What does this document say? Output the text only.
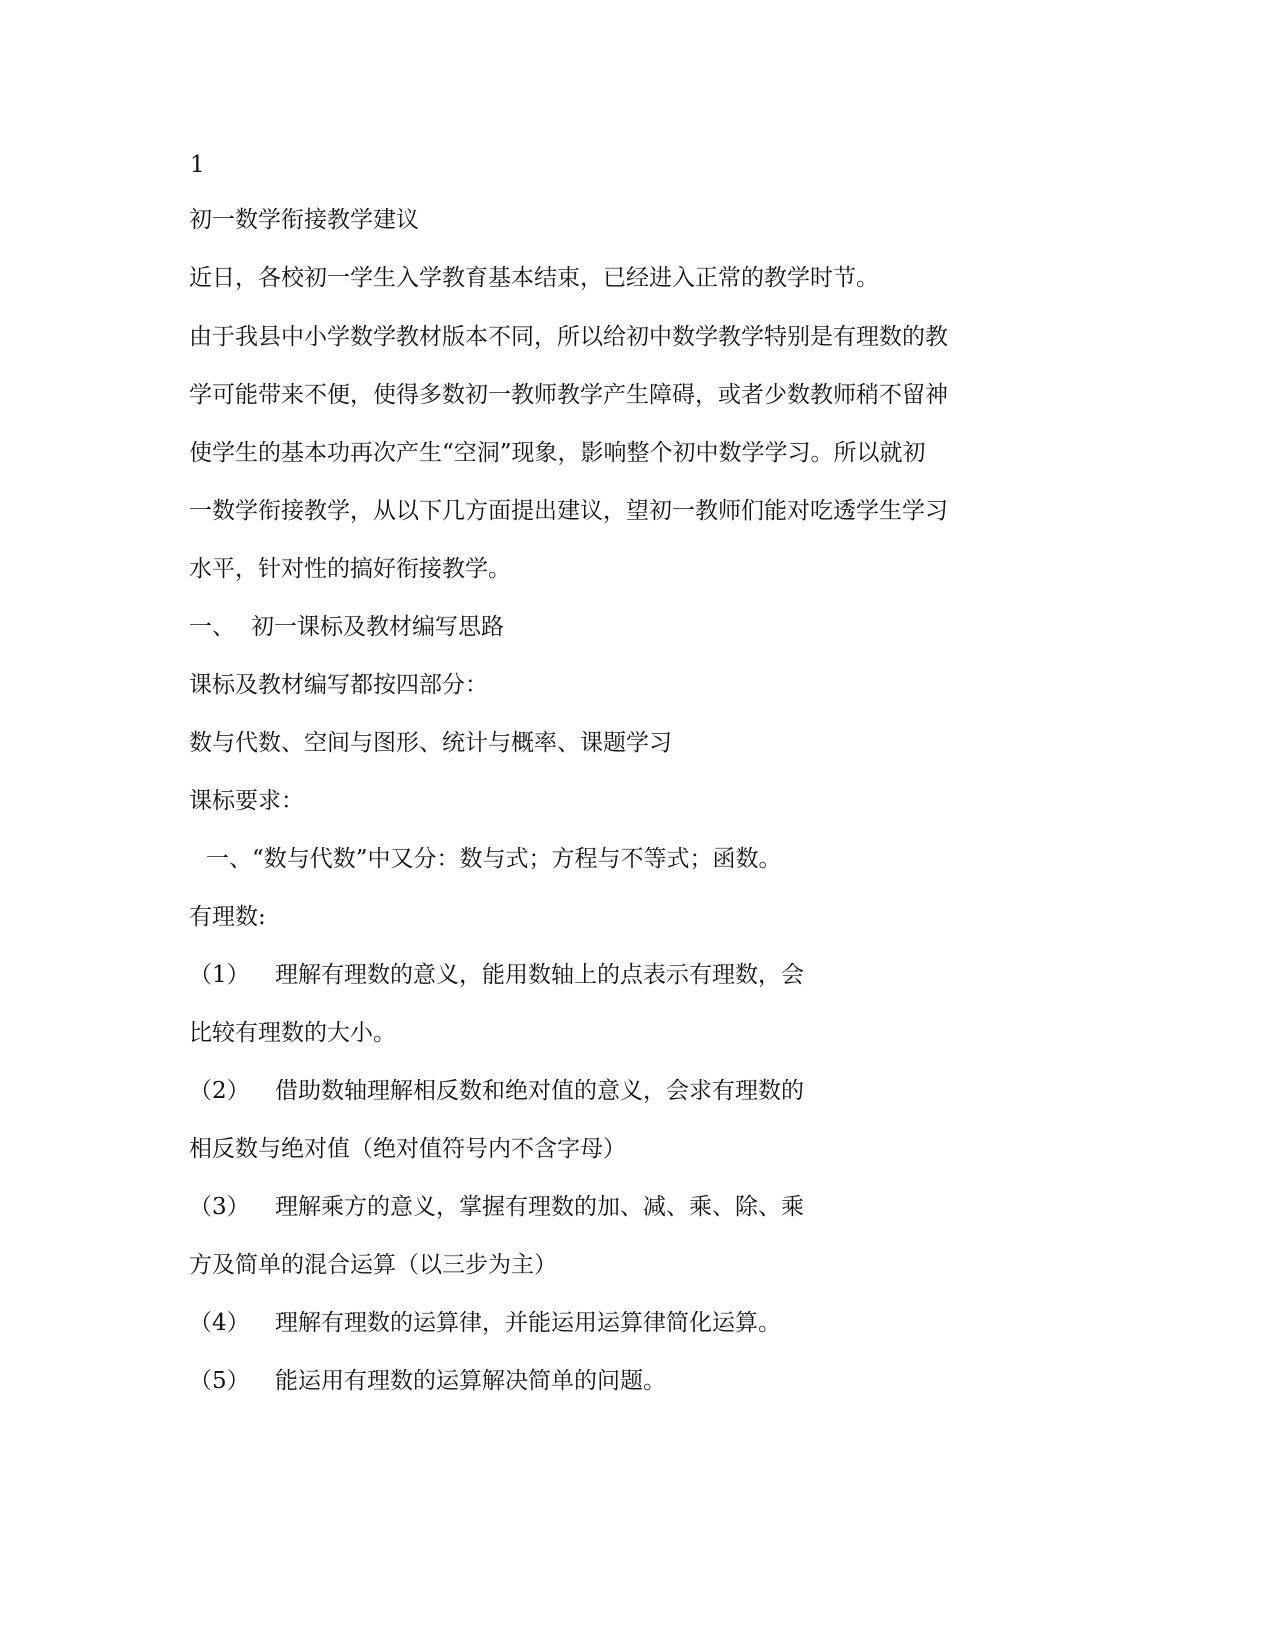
1
初一数学衔接教学建议
近日，各校初一学生入学教育基本结束，已经进入正常的教学时节。
由于我县中小学数学教材版本不同，所以给初中数学教学特别是有理数的教
学可能带来不便，使得多数初一教师教学产生障碍，或者少数教师稍不留神
使学生的基本功再次产生“空洞”现象，影响整个初中数学学习。所以就初
一数学衔接教学，从以下几方面提出建议，望初一教师们能对吃透学生学习
水平，针对性的搞好衔接教学。
一、 初一课标及教材编写思路
课标及教材编写都按四部分：
数与代数、空间与图形、统计与概率、课题学习
课标要求：
一、“数与代数”中又分：数与式；方程与不等式；函数。
有理数:
（1） 理解有理数的意义，能用数轴上的点表示有理数，会
比较有理数的大小。
（2） 借助数轴理解相反数和绝对值的意义，会求有理数的
相反数与绝对值（绝对值符号内不含字母）
（3） 理解乘方的意义，掌握有理数的加、减、乘、除、乘
方及简单的混合运算（以三步为主）
（4） 理解有理数的运算律，并能运用运算律简化运算。
（5） 能运用有理数的运算解决简单的问题。
